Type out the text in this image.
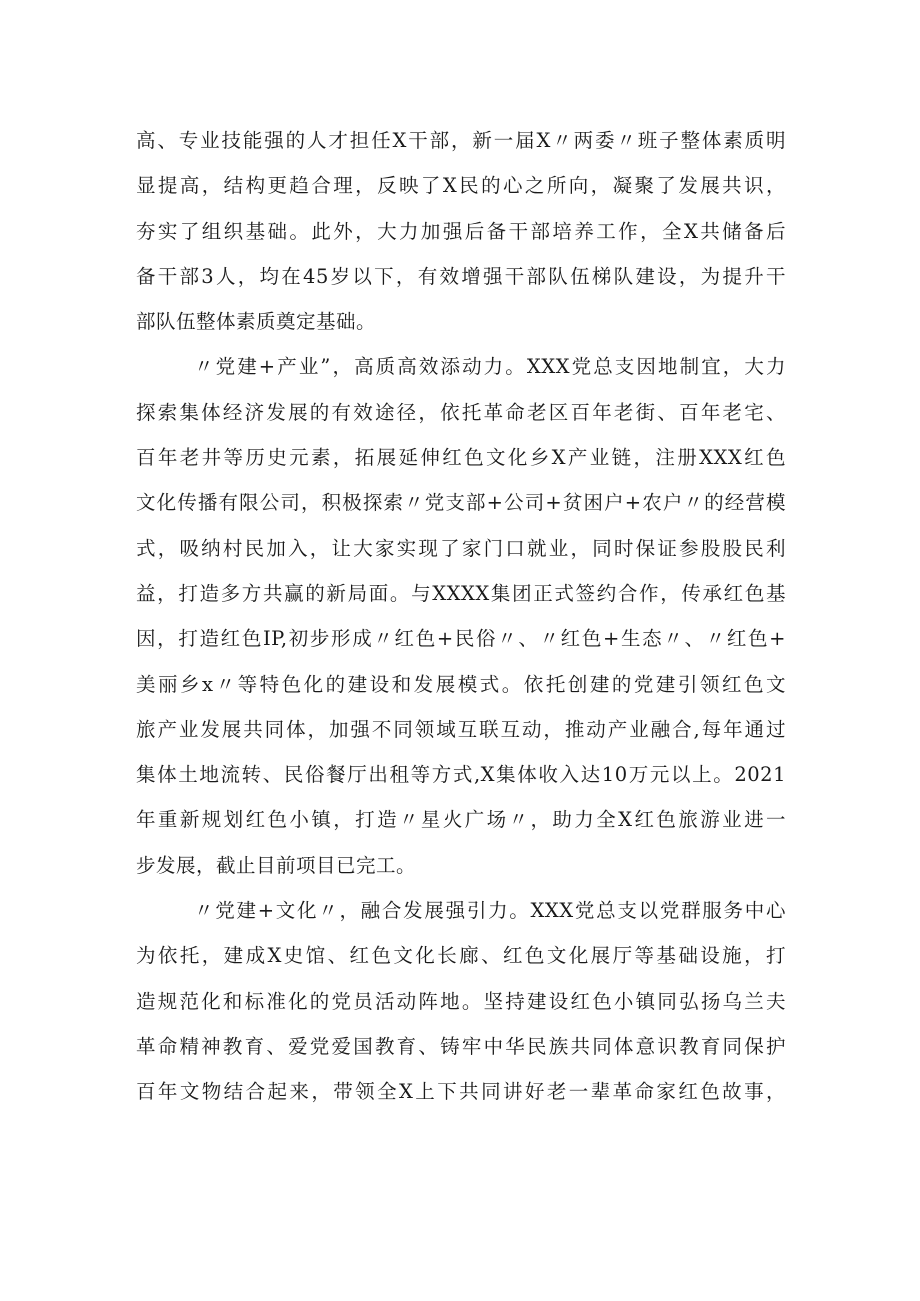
高、专业技能强的人才担任X干部，新一届X〃两委〃班子整体素质明
显提高，结构更趋合理，反映了X民的心之所向，凝聚了发展共识，
夯实了组织基础。此外，大力加强后备干部培养工作，全X共储备后
备干部3人，均在45岁以下，有效增强干部队伍梯队建设，为提升干
部队伍整体素质奠定基础。
〃党建+产业”，高质高效添动力。XXX党总支因地制宜，大力
探索集体经济发展的有效途径，依托革命老区百年老街、百年老宅、
百年老井等历史元素，拓展延伸红色文化乡X产业链，注册XXX红色
文化传播有限公司，积极探索〃党支部+公司+贫困户+农户〃的经营模
式，吸纳村民加入，让大家实现了家门口就业，同时保证参股股民利
益，打造多方共赢的新局面。与XXXX集团正式签约合作，传承红色基
因，打造红色IP,初步形成〃红色+民俗〃、〃红色+生态〃、〃红色+
美丽乡x〃等特色化的建设和发展模式。依托创建的党建引领红色文
旅产业发展共同体，加强不同领域互联互动，推动产业融合,每年通过
集体土地流转、民俗餐厅出租等方式,X集体收入达10万元以上。2021
年重新规划红色小镇，打造〃星火广场〃，助力全X红色旅游业进一
步发展，截止目前项目已完工。
〃党建+文化〃，融合发展强引力。XXX党总支以党群服务中心
为依托，建成X史馆、红色文化长廊、红色文化展厅等基础设施，打
造规范化和标准化的党员活动阵地。坚持建设红色小镇同弘扬乌兰夫
革命精神教育、爱党爱国教育、铸牢中华民族共同体意识教育同保护
百年文物结合起来，带领全X上下共同讲好老一辈革命家红色故事，
